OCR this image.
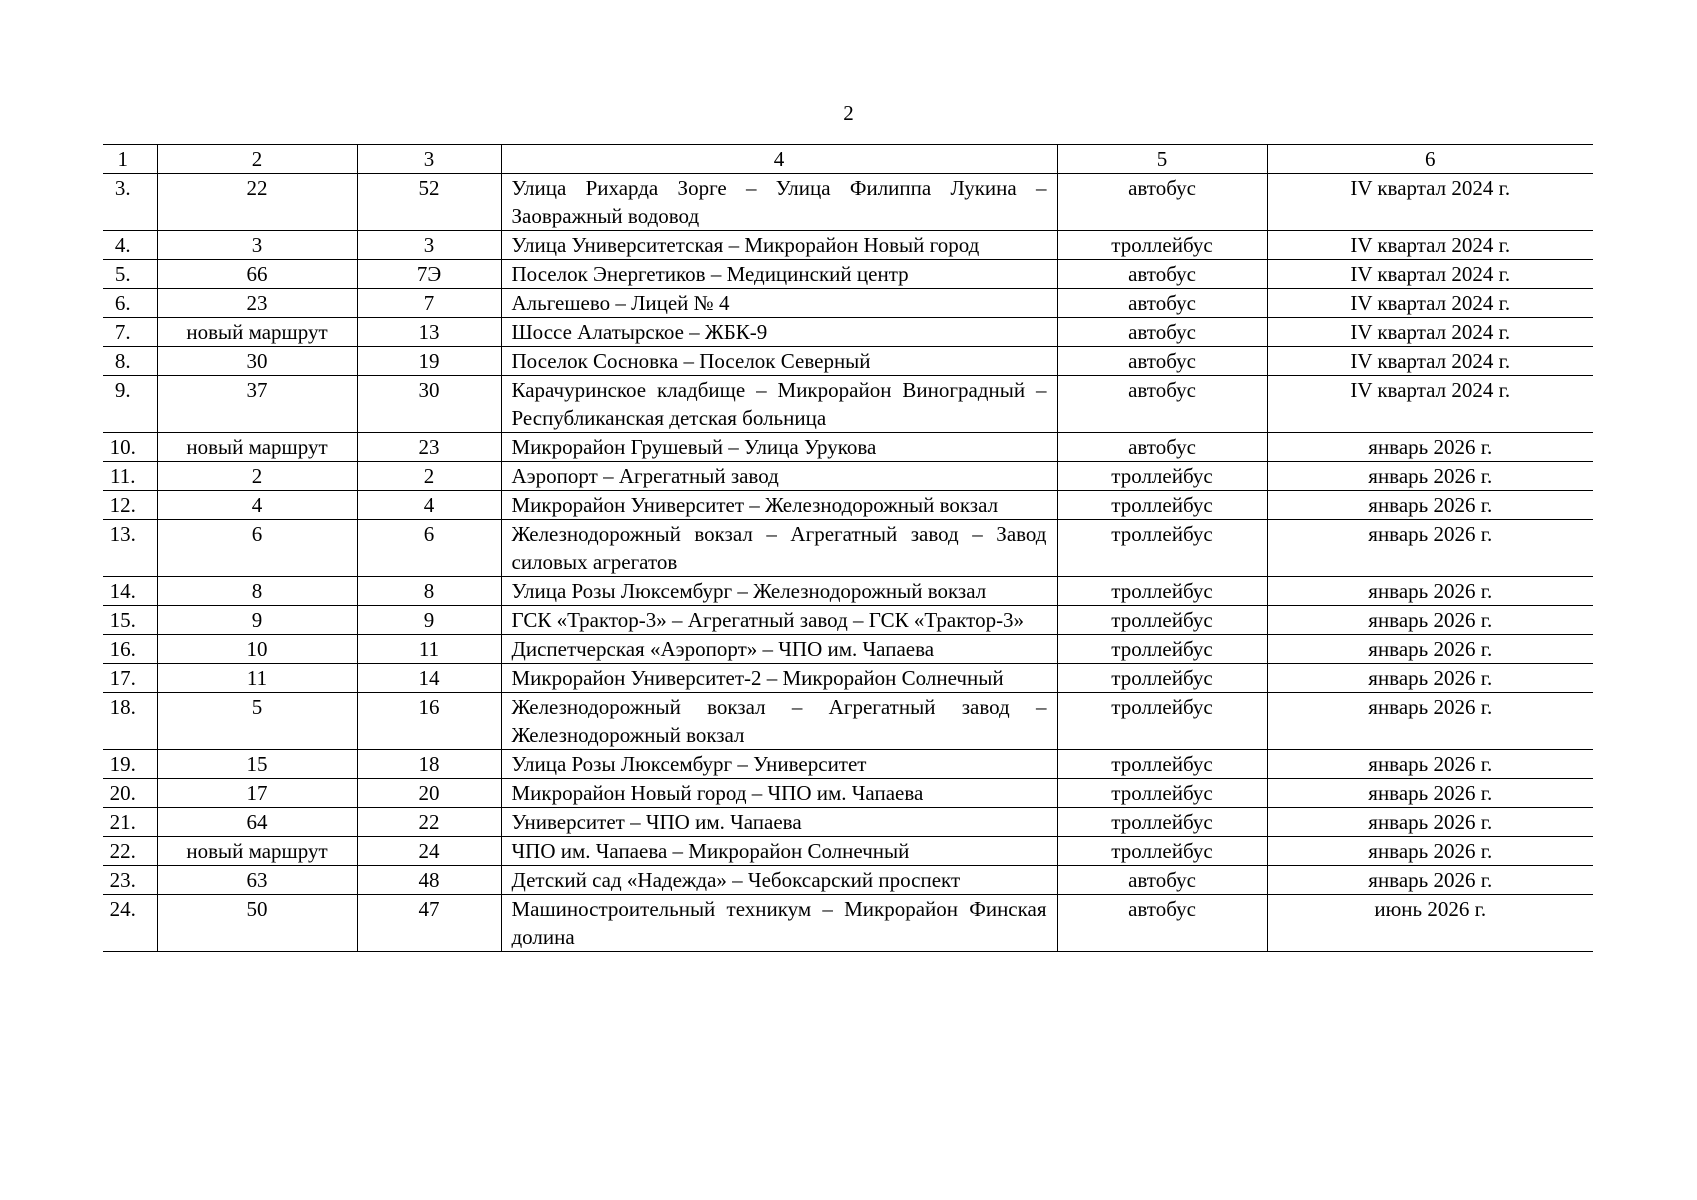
2
1	2	3	4	5	6
3.	22	52	Улица Рихарда Зорге – Улица Филиппа Лукина – Заовражный водовод	автобус	IV квартал 2024 г.
4.	3	3	Улица Университетская – Микрорайон Новый город	троллейбус	IV квартал 2024 г.
5.	66	7Э	Поселок Энергетиков – Медицинский центр	автобус	IV квартал 2024 г.
6.	23	7	Альгешево – Лицей № 4	автобус	IV квартал 2024 г.
7.	новый маршрут	13	Шоссе Алатырское – ЖБК-9	автобус	IV квартал 2024 г.
8.	30	19	Поселок Сосновка – Поселок Северный	автобус	IV квартал 2024 г.
9.	37	30	Карачуринское кладбище – Микрорайон Виноградный – Республиканская детская больница	автобус	IV квартал 2024 г.
10.	новый маршрут	23	Микрорайон Грушевый – Улица Урукова	автобус	январь 2026 г.
11.	2	2	Аэропорт – Агрегатный завод	троллейбус	январь 2026 г.
12.	4	4	Микрорайон Университет – Железнодорожный вокзал	троллейбус	январь 2026 г.
13.	6	6	Железнодорожный вокзал – Агрегатный завод – Завод силовых агрегатов	троллейбус	январь 2026 г.
14.	8	8	Улица Розы Люксембург – Железнодорожный вокзал	троллейбус	январь 2026 г.
15.	9	9	ГСК «Трактор-3» – Агрегатный завод – ГСК «Трактор-3»	троллейбус	январь 2026 г.
16.	10	11	Диспетчерская «Аэропорт» – ЧПО им. Чапаева	троллейбус	январь 2026 г.
17.	11	14	Микрорайон Университет-2 – Микрорайон Солнечный	троллейбус	январь 2026 г.
18.	5	16	Железнодорожный вокзал – Агрегатный завод – Железнодорожный вокзал	троллейбус	январь 2026 г.
19.	15	18	Улица Розы Люксембург – Университет	троллейбус	январь 2026 г.
20.	17	20	Микрорайон Новый город – ЧПО им. Чапаева	троллейбус	январь 2026 г.
21.	64	22	Университет – ЧПО им. Чапаева	троллейбус	январь 2026 г.
22.	новый маршрут	24	ЧПО им. Чапаева – Микрорайон Солнечный	троллейбус	январь 2026 г.
23.	63	48	Детский сад «Надежда» – Чебоксарский проспект	автобус	январь 2026 г.
24.	50	47	Машиностроительный техникум – Микрорайон Финская долина	автобус	июнь 2026 г.
